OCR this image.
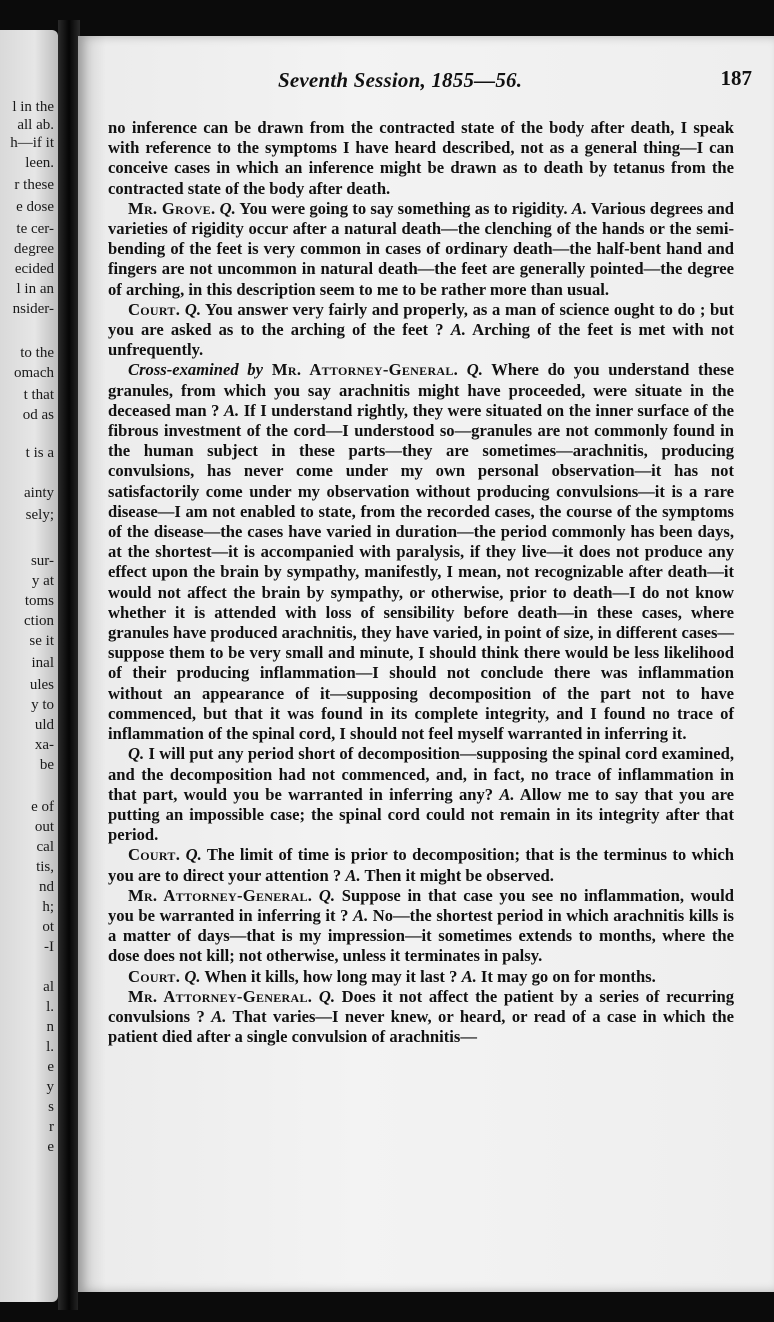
l in the
all ab.
h—if it
leen.
r these
e dose
te cer-
degree
ecided
l in an
nsider-
to the
omach
t that
od as
t is a
ainty
sely;
sur-
y at
toms
ction
se it
inal
ules
y to
uld
xa-
be
e of
out
cal
tis,
nd
h;
ot
-I
al
l.
n
l.
e
y
s
r
e
Seventh Session, 1855—56.	187

no inference can be drawn from the contracted state of the body after death, I speak with reference to the symptoms I have heard described, not as a general thing—I can conceive cases in which an inference might be drawn as to death by tetanus from the contracted state of the body after death.

Mr. Grove. Q. You were going to say something as to rigidity. A. Various degrees and varieties of rigidity occur after a natural death—the clenching of the hands or the semi-bending of the feet is very common in cases of ordinary death—the half-bent hand and fingers are not uncommon in natural death—the feet are generally pointed—the degree of arching, in this description seem to me to be rather more than usual.

Court. Q. You answer very fairly and properly, as a man of science ought to do ; but you are asked as to the arching of the feet ? A. Arching of the feet is met with not unfrequently.

Cross-examined by Mr. Attorney-General. Q. Where do you understand these granules, from which you say arachnitis might have proceeded, were situate in the deceased man ? A. If I understand rightly, they were situated on the inner surface of the fibrous investment of the cord—I understood so—granules are not commonly found in the human subject in these parts—they are sometimes—arachnitis, producing convulsions, has never come under my own personal observation—it has not satisfactorily come under my observation without producing convulsions—it is a rare disease—I am not enabled to state, from the recorded cases, the course of the symptoms of the disease—the cases have varied in duration—the period commonly has been days, at the shortest—it is accompanied with paralysis, if they live—it does not produce any effect upon the brain by sympathy, manifestly, I mean, not recognizable after death—it would not affect the brain by sympathy, or otherwise, prior to death—I do not know whether it is attended with loss of sensibility before death—in these cases, where granules have produced arachnitis, they have varied, in point of size, in different cases—suppose them to be very small and minute, I should think there would be less likelihood of their producing inflammation—I should not conclude there was inflammation without an appearance of it—supposing decomposition of the part not to have commenced, but that it was found in its complete integrity, and I found no trace of inflammation of the spinal cord, I should not feel myself warranted in inferring it.

Q. I will put any period short of decomposition—supposing the spinal cord examined, and the decomposition had not commenced, and, in fact, no trace of inflammation in that part, would you be warranted in inferring any? A. Allow me to say that you are putting an impossible case; the spinal cord could not remain in its integrity after that period.

Court. Q. The limit of time is prior to decomposition; that is the terminus to which you are to direct your attention ? A. Then it might be observed.

Mr. Attorney-General. Q. Suppose in that case you see no inflammation, would you be warranted in inferring it ? A. No—the shortest period in which arachnitis kills is a matter of days—that is my impression—it sometimes extends to months, where the dose does not kill; not otherwise, unless it terminates in palsy.

Court. Q. When it kills, how long may it last ? A. It may go on for months.

Mr. Attorney-General. Q. Does it not affect the patient by a series of recurring convulsions ? A. That varies—I never knew, or heard, or read of a case in which the patient died after a single convulsion of arachnitis—
